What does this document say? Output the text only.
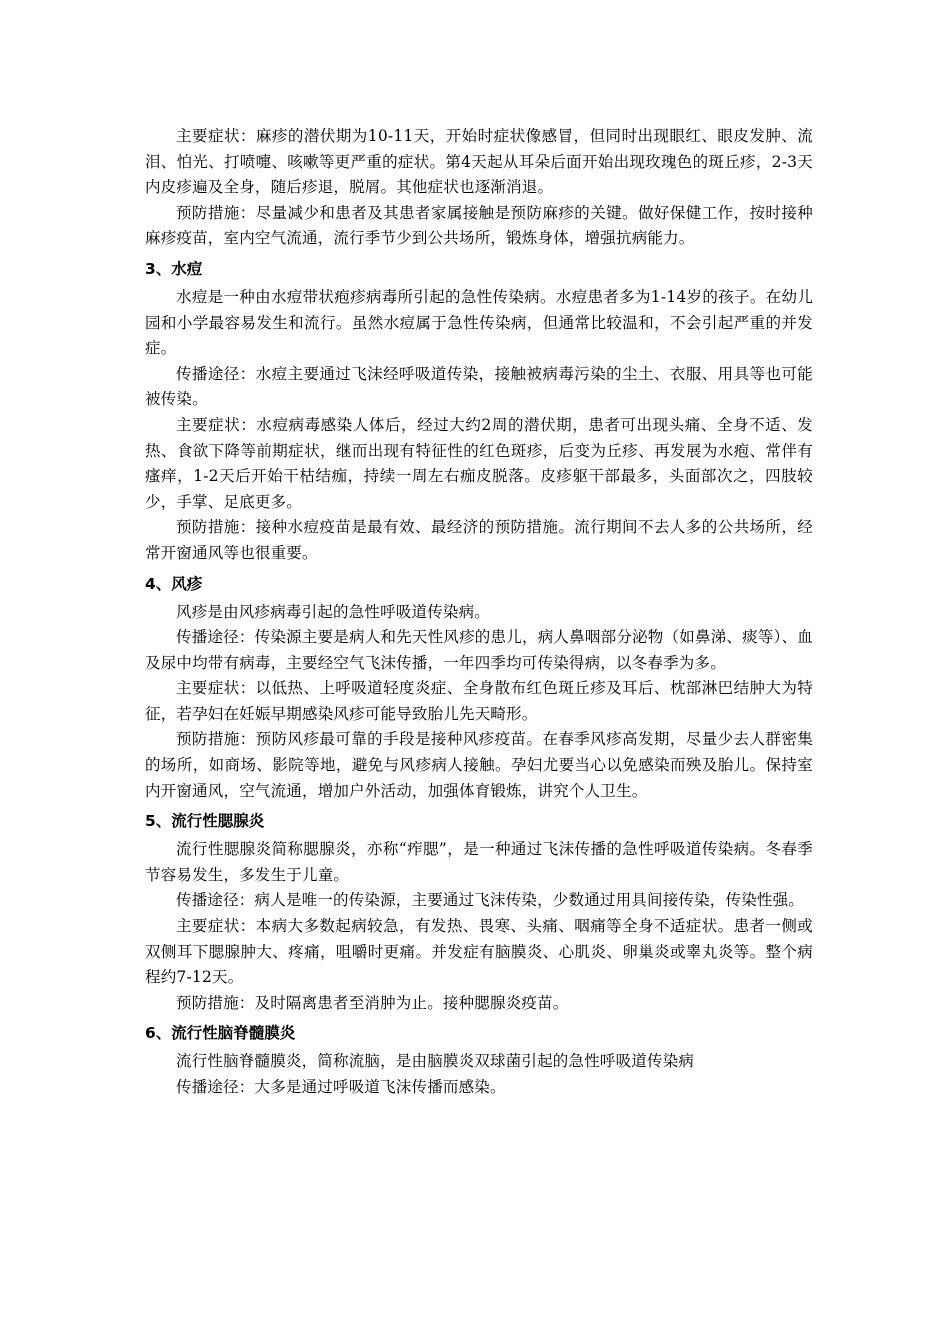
主要症状：麻疹的潜伏期为10-11天，开始时症状像感冒，但同时出现眼红、眼皮发肿、流泪、怕光、打喷嚏、咳嗽等更严重的症状。第4天起从耳朵后面开始出现玫瑰色的斑丘疹，2-3天内皮疹遍及全身，随后疹退，脱屑。其他症状也逐渐消退。

预防措施：尽量减少和患者及其患者家属接触是预防麻疹的关键。做好保健工作，按时接种麻疹疫苗，室内空气流通，流行季节少到公共场所，锻炼身体，增强抗病能力。

3、水痘

水痘是一种由水痘带状疱疹病毒所引起的急性传染病。水痘患者多为1-14岁的孩子。在幼儿园和小学最容易发生和流行。虽然水痘属于急性传染病，但通常比较温和，不会引起严重的并发症。

传播途径：水痘主要通过飞沫经呼吸道传染，接触被病毒污染的尘土、衣服、用具等也可能被传染。

主要症状：水痘病毒感染人体后，经过大约2周的潜伏期，患者可出现头痛、全身不适、发热、食欲下降等前期症状，继而出现有特征性的红色斑疹，后变为丘疹、再发展为水疱、常伴有瘙痒，1-2天后开始干枯结痂，持续一周左右痂皮脱落。皮疹躯干部最多，头面部次之，四肢较少，手掌、足底更多。

预防措施：接种水痘疫苗是最有效、最经济的预防措施。流行期间不去人多的公共场所，经常开窗通风等也很重要。

4、风疹

风疹是由风疹病毒引起的急性呼吸道传染病。

传播途径：传染源主要是病人和先天性风疹的患儿，病人鼻咽部分泌物（如鼻涕、痰等）、血及尿中均带有病毒，主要经空气飞沫传播，一年四季均可传染得病，以冬春季为多。

主要症状：以低热、上呼吸道轻度炎症、全身散布红色斑丘疹及耳后、枕部淋巴结肿大为特征，若孕妇在妊娠早期感染风疹可能导致胎儿先天畸形。

预防措施：预防风疹最可靠的手段是接种风疹疫苗。在春季风疹高发期，尽量少去人群密集的场所，如商场、影院等地，避免与风疹病人接触。孕妇尤要当心以免感染而殃及胎儿。保持室内开窗通风，空气流通，增加户外活动，加强体育锻炼，讲究个人卫生。

5、流行性腮腺炎

流行性腮腺炎简称腮腺炎，亦称“痄腮”，是一种通过飞沫传播的急性呼吸道传染病。冬春季节容易发生，多发生于儿童。

传播途径：病人是唯一的传染源，主要通过飞沫传染，少数通过用具间接传染，传染性强。

主要症状：本病大多数起病较急，有发热、畏寒、头痛、咽痛等全身不适症状。患者一侧或双侧耳下腮腺肿大、疼痛，咀嚼时更痛。并发症有脑膜炎、心肌炎、卵巢炎或睾丸炎等。整个病程约7-12天。

预防措施：及时隔离患者至消肿为止。接种腮腺炎疫苗。

6、流行性脑脊髓膜炎

流行性脑脊髓膜炎，简称流脑，是由脑膜炎双球菌引起的急性呼吸道传染病

传播途径：大多是通过呼吸道飞沫传播而感染。
